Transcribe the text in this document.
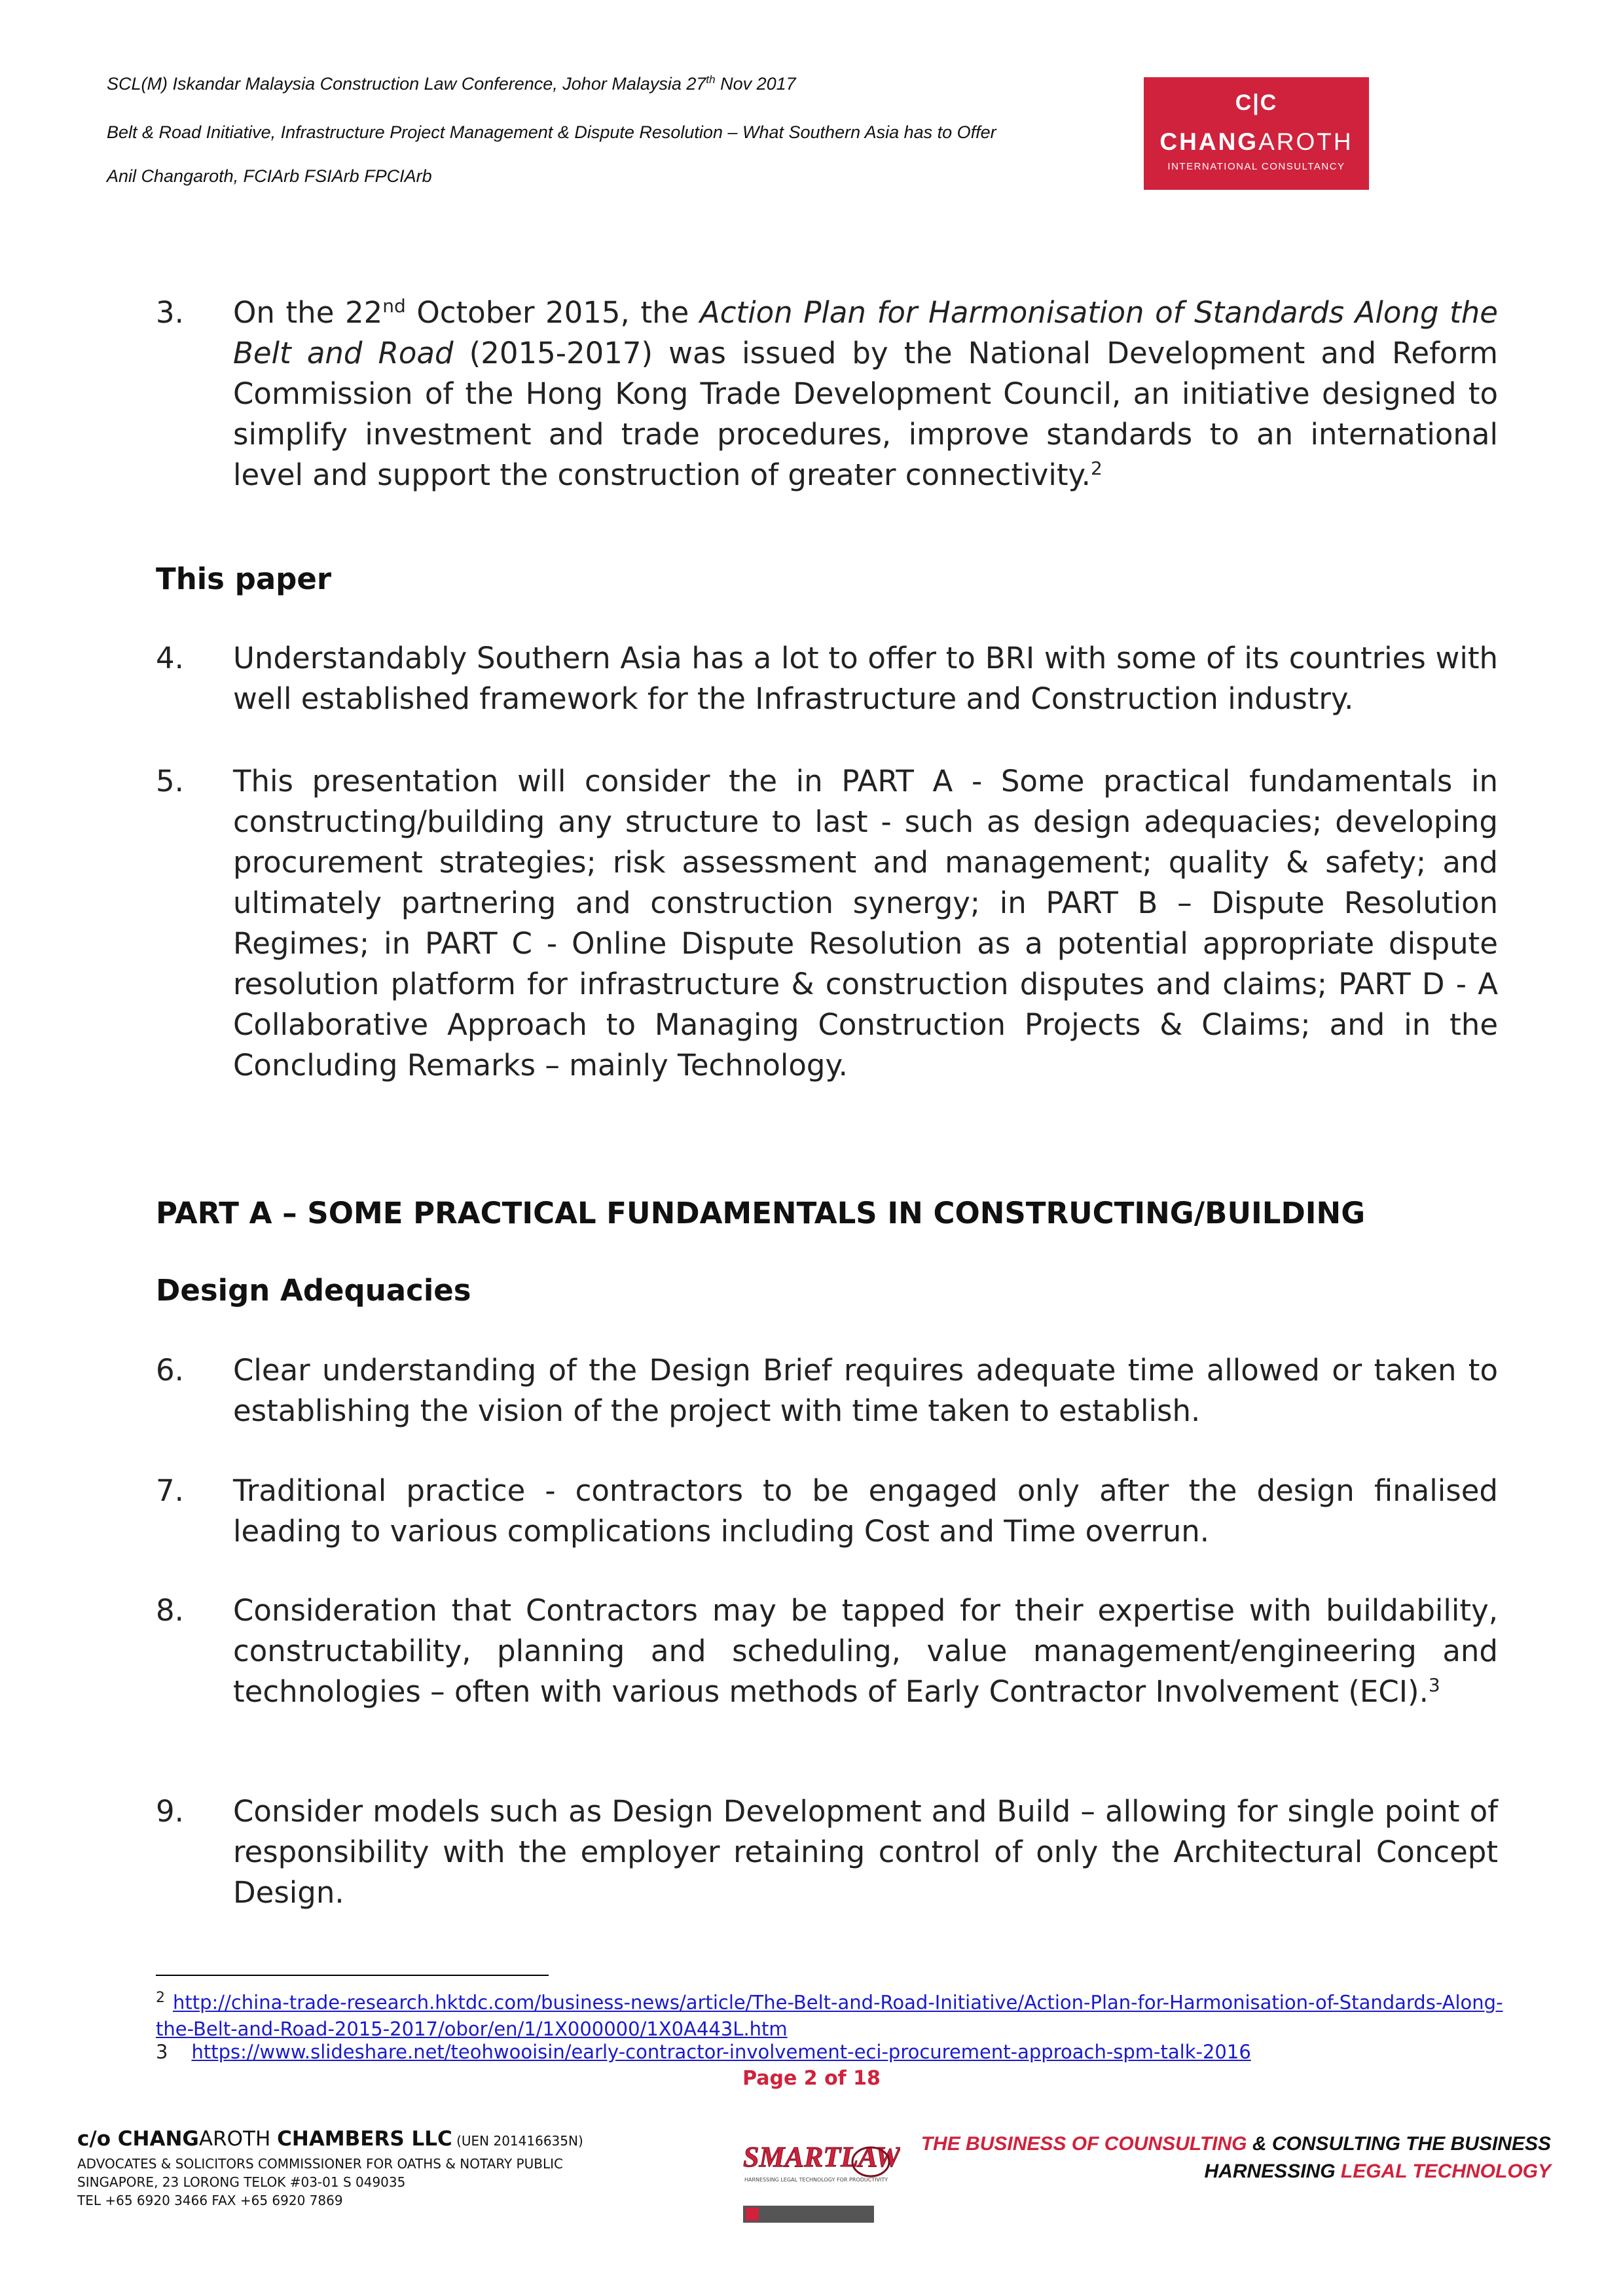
SCL(M) Iskandar Malaysia Construction Law Conference, Johor Malaysia 27th Nov 2017
Belt & Road Initiative, Infrastructure Project Management & Dispute Resolution – What Southern Asia has to Offer
Anil Changaroth, FCIArb FSIArb FPCIArb
C|C
CHANGAROTH
INTERNATIONAL CONSULTANCY
3. On the 22nd October 2015, the Action Plan for Harmonisation of Standards Along the Belt and Road (2015-2017) was issued by the National Development and Reform Commission of the Hong Kong Trade Development Council, an initiative designed to simplify investment and trade procedures, improve standards to an international level and support the construction of greater connectivity.$^2$
This paper
4. Understandably Southern Asia has a lot to offer to BRI with some of its countries with well established framework for the Infrastructure and Construction industry.
5. This presentation will consider the in PART A - Some practical fundamentals in constructing/building any structure to last - such as design adequacies; developing procurement strategies; risk assessment and management; quality & safety; and ultimately partnering and construction synergy; in PART B – Dispute Resolution Regimes; in PART C - Online Dispute Resolution as a potential appropriate dispute resolution platform for infrastructure & construction disputes and claims; PART D - A Collaborative Approach to Managing Construction Projects & Claims; and in the Concluding Remarks – mainly Technology.
PART A – SOME PRACTICAL FUNDAMENTALS IN CONSTRUCTING/BUILDING
Design Adequacies
6. Clear understanding of the Design Brief requires adequate time allowed or taken to establishing the vision of the project with time taken to establish.
7. Traditional practice - contractors to be engaged only after the design finalised leading to various complications including Cost and Time overrun.
8. Consideration that Contractors may be tapped for their expertise with buildability, constructability, planning and scheduling, value management/engineering and technologies – often with various methods of Early Contractor Involvement (ECI).$^3$
9. Consider models such as Design Development and Build – allowing for single point of responsibility with the employer retaining control of only the Architectural Concept Design.
$^2$ http://china-trade-research.hktdc.com/business-news/article/The-Belt-and-Road-Initiative/Action-Plan-for-Harmonisation-of-Standards-Along-the-Belt-and-Road-2015-2017/obor/en/1/1X000000/1X0A443L.htm
3 https://www.slideshare.net/teohwooisin/early-contractor-involvement-eci-procurement-approach-spm-talk-2016
Page 2 of 18
c/o CHANGAROTH CHAMBERS LLC (UEN 201416635N)
ADVOCATES & SOLICITORS COMMISSIONER FOR OATHS & NOTARY PUBLIC
SINGAPORE, 23 LORONG TELOK #03-01 S 049035
TEL +65 6920 3466 FAX +65 6920 7869
SMARTLAW
HARNESSING LEGAL TECHNOLOGY FOR PRODUCTIVITY
THE BUSINESS OF COUNSULTING & CONSULTING THE BUSINESS
HARNESSING LEGAL TECHNOLOGY
